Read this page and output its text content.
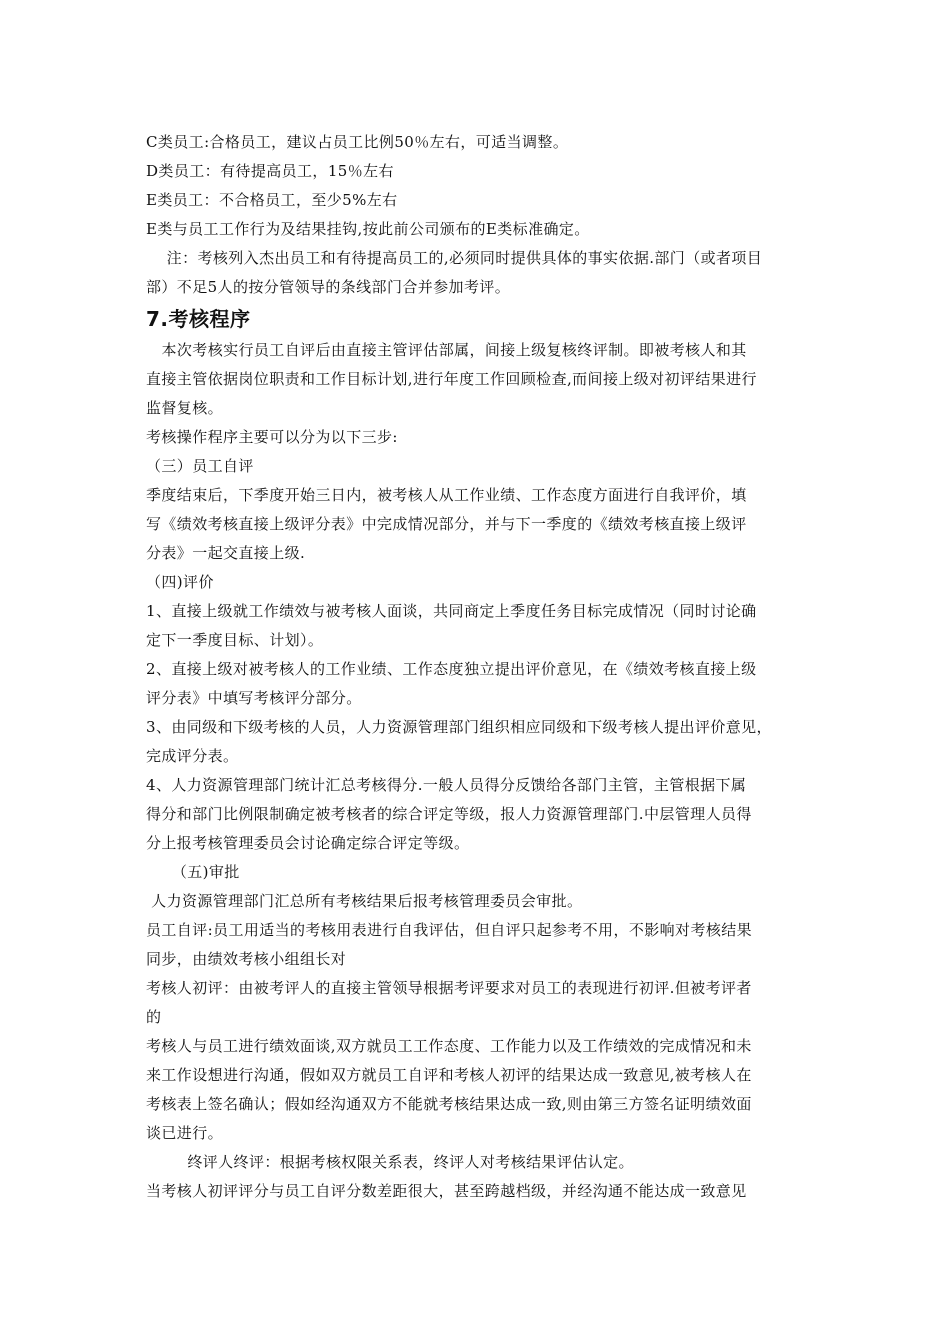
C类员工:合格员工，建议占员工比例50％左右，可适当调整。
D类员工：有待提高员工，15％左右
E类员工：不合格员工，至少5%左右
E类与员工工作行为及结果挂钩,按此前公司颁布的E类标准确定。
注：考核列入杰出员工和有待提高员工的,必须同时提供具体的事实依据.部门（或者项目
部）不足5人的按分管领导的条线部门合并参加考评。
7.考核程序
本次考核实行员工自评后由直接主管评估部属，间接上级复核终评制。即被考核人和其
直接主管依据岗位职责和工作目标计划,进行年度工作回顾检查,而间接上级对初评结果进行
监督复核。
考核操作程序主要可以分为以下三步:
（三）员工自评
季度结束后，下季度开始三日内，被考核人从工作业绩、工作态度方面进行自我评价，填
写《绩效考核直接上级评分表》中完成情况部分，并与下一季度的《绩效考核直接上级评
分表》一起交直接上级.
（四)评价
1、直接上级就工作绩效与被考核人面谈，共同商定上季度任务目标完成情况（同时讨论确
定下一季度目标、计划）。
2、直接上级对被考核人的工作业绩、工作态度独立提出评价意见，在《绩效考核直接上级
评分表》中填写考核评分部分。
3、由同级和下级考核的人员，人力资源管理部门组织相应同级和下级考核人提出评价意见，
完成评分表。
4、人力资源管理部门统计汇总考核得分.一般人员得分反馈给各部门主管，主管根据下属
得分和部门比例限制确定被考核者的综合评定等级，报人力资源管理部门.中层管理人员得
分上报考核管理委员会讨论确定综合评定等级。
（五)审批
人力资源管理部门汇总所有考核结果后报考核管理委员会审批。
员工自评:员工用适当的考核用表进行自我评估，但自评只起参考不用，不影响对考核结果
同步，由绩效考核小组组长对
考核人初评：由被考评人的直接主管领导根据考评要求对员工的表现进行初评.但被考评者
的
考核人与员工进行绩效面谈,双方就员工工作态度、工作能力以及工作绩效的完成情况和未
来工作设想进行沟通，假如双方就员工自评和考核人初评的结果达成一致意见,被考核人在
考核表上签名确认；假如经沟通双方不能就考核结果达成一致,则由第三方签名证明绩效面
谈已进行。
终评人终评：根据考核权限关系表，终评人对考核结果评估认定。
当考核人初评评分与员工自评分数差距很大，甚至跨越档级，并经沟通不能达成一致意见
